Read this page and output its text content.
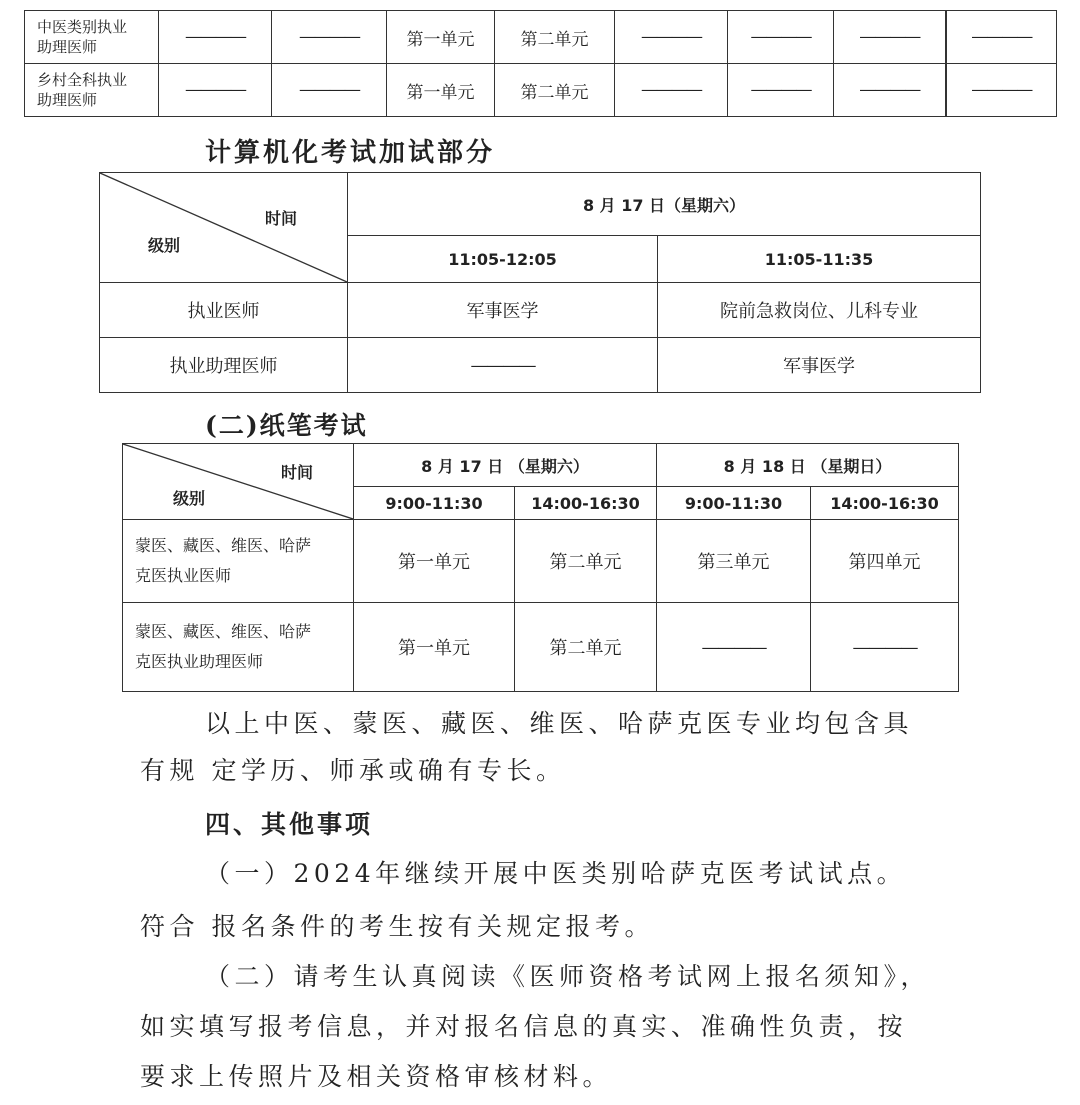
中医类别执业
助理医师	————	————	第一单元	第二单元	————	————	————	————
乡村全科执业
助理医师	————	————	第一单元	第二单元	————	————	————	————
计算机化考试加试部分
时间
级别	8 月 17 日（星期六）	
	11:05-12:05	11:05-11:35
执业医师	军事医学	院前急救岗位、儿科专业
执业助理医师	————	军事医学
(二)纸笔考试
时间
级别	8 月 17 日 （星期六）		8 月 18 日 （星期日）	
	9:00-11:30	14:00-16:30	9:00-11:30	14:00-16:30
蒙医、藏医、维医、哈萨
克医执业医师	第一单元	第二单元	第三单元	第四单元
蒙医、藏医、维医、哈萨
克医执业助理医师	第一单元	第二单元	————	————
以上中医、蒙医、藏医、维医、哈萨克医专业均包含具
有规 定学历、师承或确有专长。
四、其他事项
（一）2024年继续开展中医类别哈萨克医考试试点。
符合 报名条件的考生按有关规定报考。
（二）请考生认真阅读《医师资格考试网上报名须知》，
如实填写报考信息，并对报名信息的真实、准确性负责，按
要求上传照片及相关资格审核材料。
